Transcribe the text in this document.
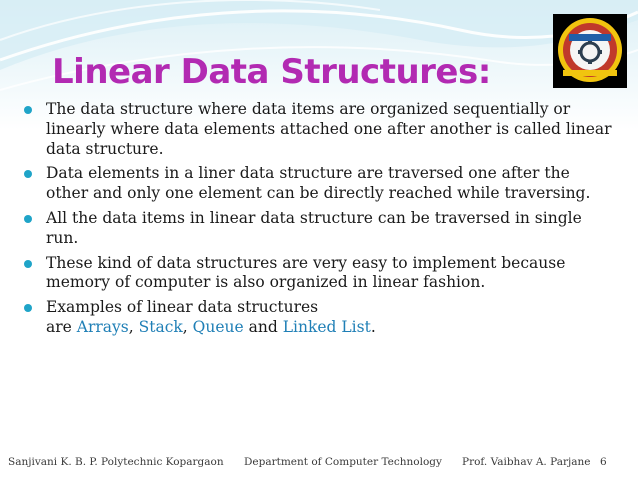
Linear Data Structures:
The data structure where data items are organized sequentially or linearly where data elements attached one after another is called linear data structure.
Data elements in a liner data structure are traversed one after the other and only one element can be directly reached while traversing.
All the data items in linear data structure can be traversed in single run.
These kind of data structures are very easy to implement because memory of computer is also organized in linear fashion.
Examples of linear data structures
are Arrays, Stack, Queue and Linked List.
Sanjivani K. B. P. Polytechnic Kopargaon Department of Computer Technology Prof. Vaibhav A. Parjane 6
